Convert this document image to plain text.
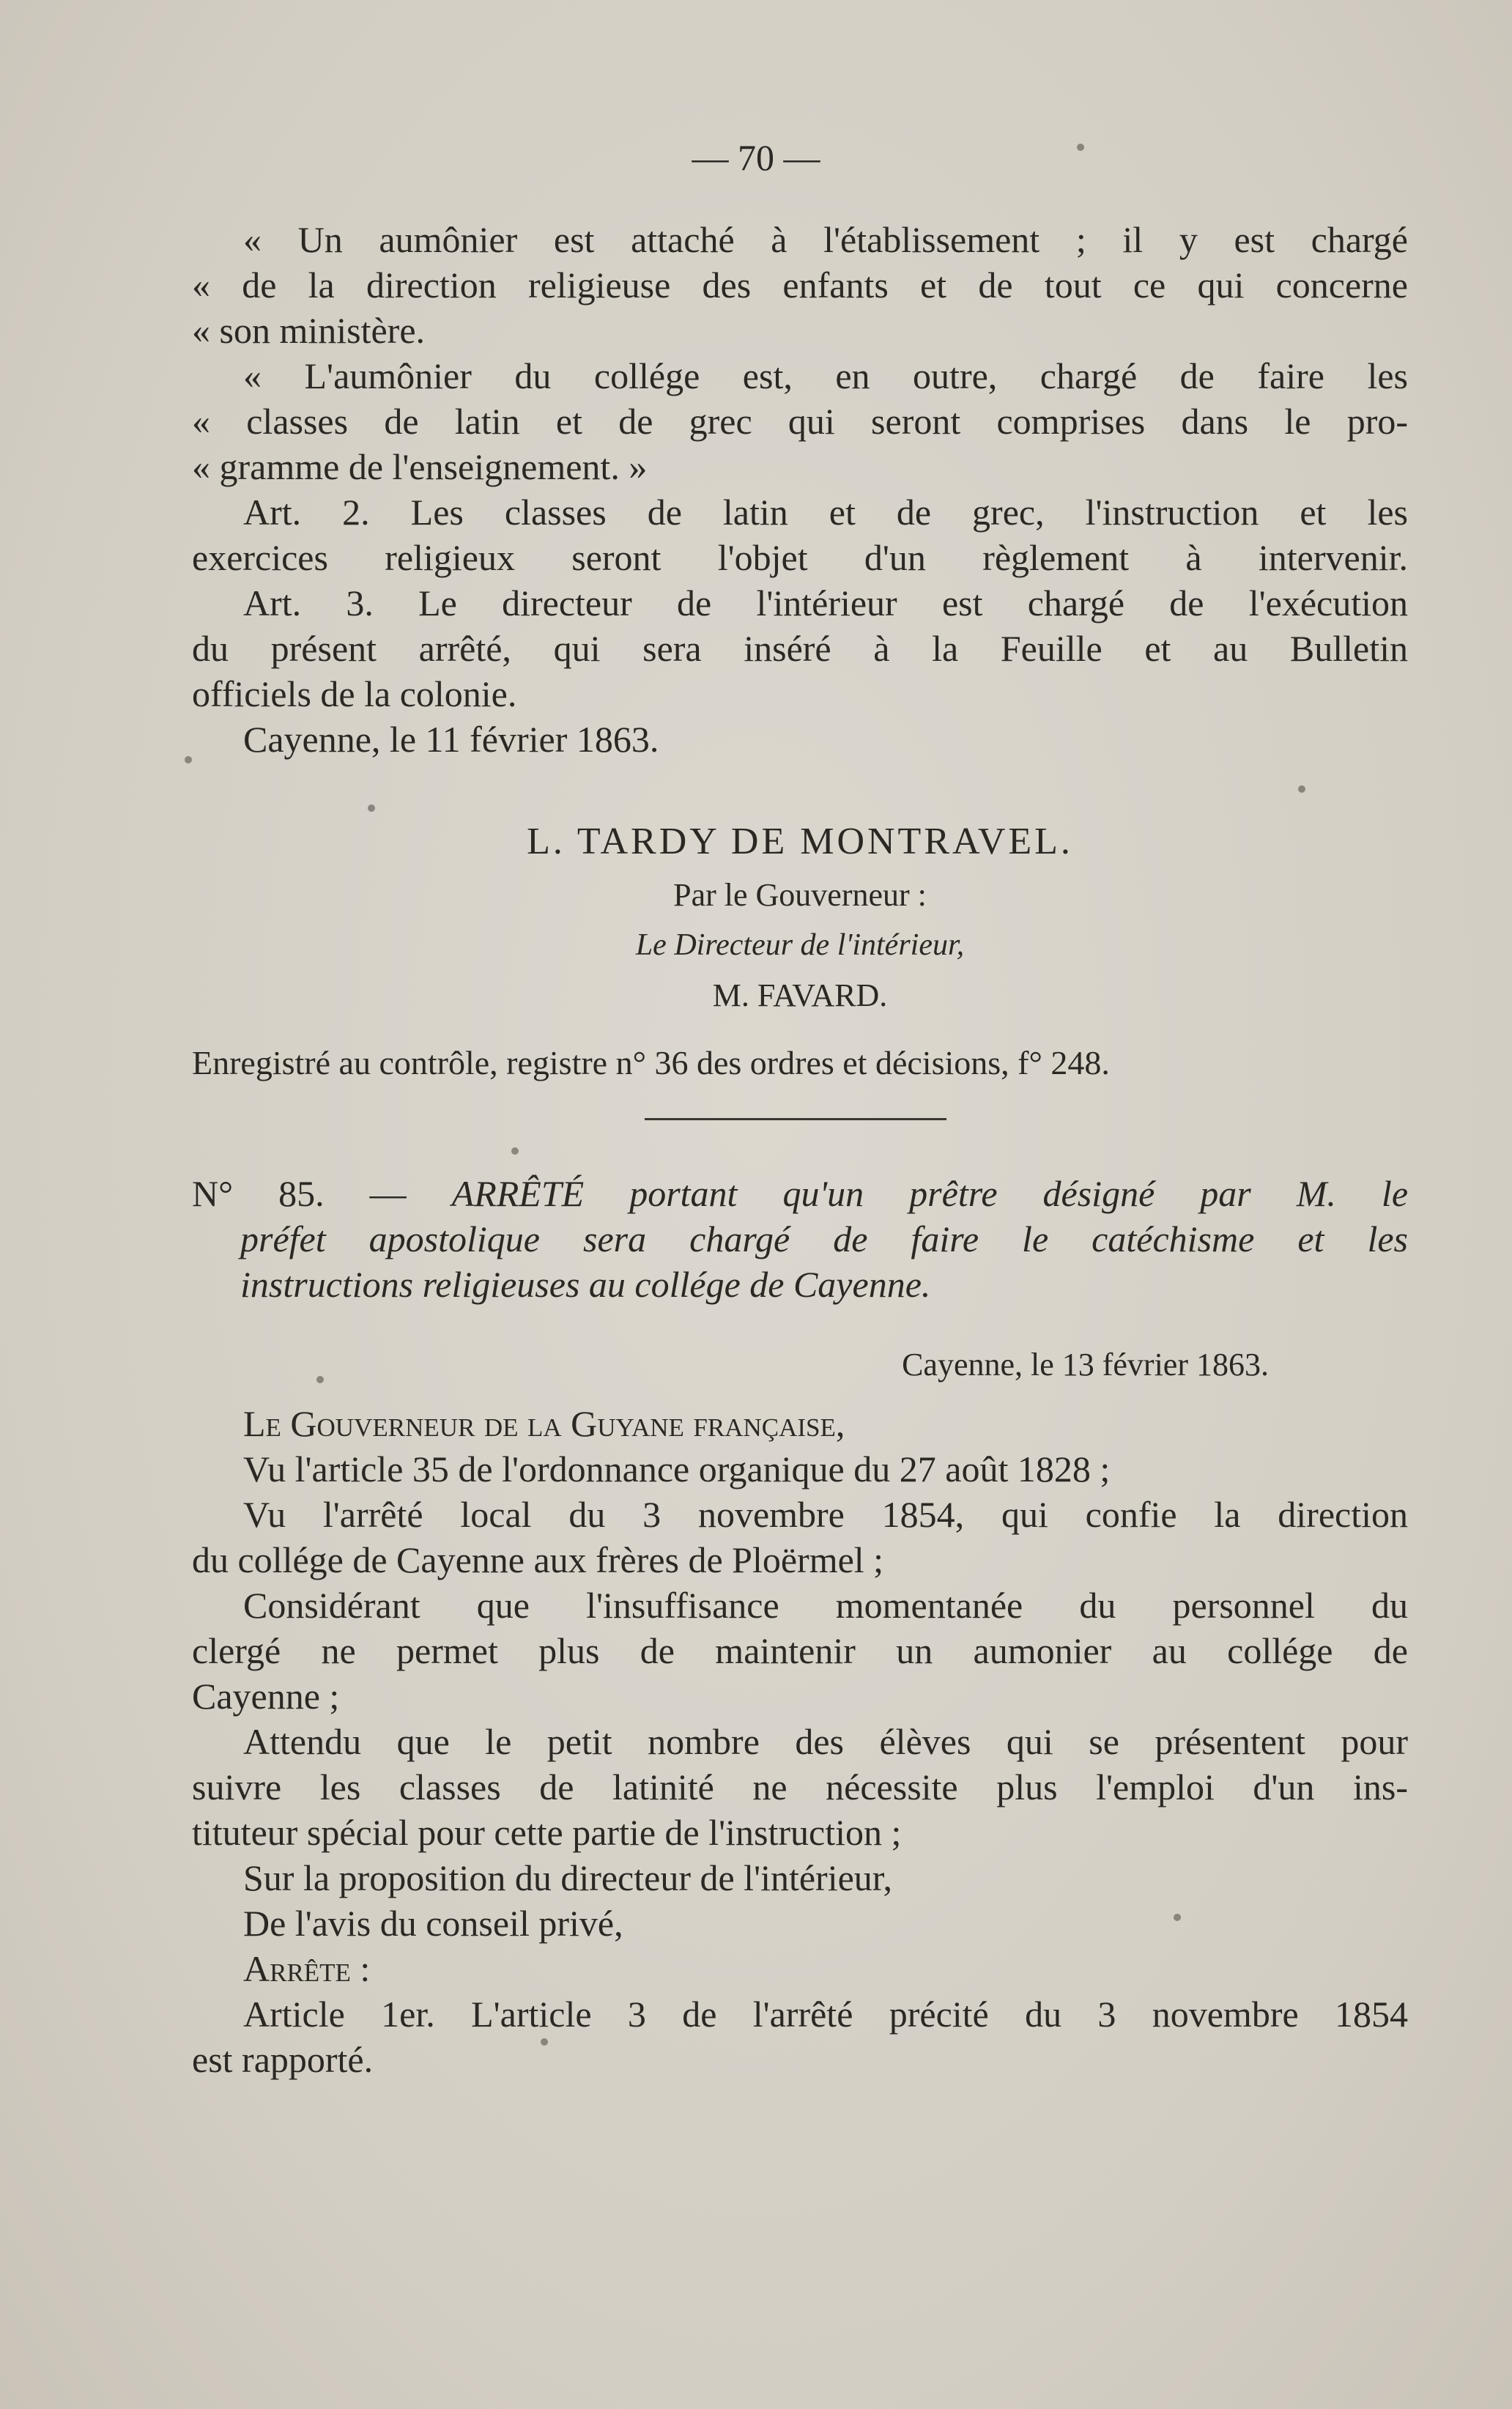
— 70 —
« Un aumônier est attaché à l'établissement ; il y est chargé
« de la direction religieuse des enfants et de tout ce qui concerne
« son ministère.
« L'aumônier du collége est, en outre, chargé de faire les
« classes de latin et de grec qui seront comprises dans le pro-
« gramme de l'enseignement. »
Art. 2. Les classes de latin et de grec, l'instruction et les
exercices religieux seront l'objet d'un règlement à intervenir.
Art. 3. Le directeur de l'intérieur est chargé de l'exécution
du présent arrêté, qui sera inséré à la Feuille et au Bulletin
officiels de la colonie.
Cayenne, le 11 février 1863.
L. TARDY DE MONTRAVEL.
Par le Gouverneur :
Le Directeur de l'intérieur,
M. FAVARD.
Enregistré au contrôle, registre n° 36 des ordres et décisions, f° 248.
N° 85. — ARRÊTÉ portant qu'un prêtre désigné par M. le
préfet apostolique sera chargé de faire le catéchisme et les
instructions religieuses au collége de Cayenne.
Cayenne, le 13 février 1863.
Le Gouverneur de la Guyane française,
Vu l'article 35 de l'ordonnance organique du 27 août 1828 ;
Vu l'arrêté local du 3 novembre 1854, qui confie la direction
du collége de Cayenne aux frères de Ploërmel ;
Considérant que l'insuffisance momentanée du personnel du
clergé ne permet plus de maintenir un aumonier au collége de
Cayenne ;
Attendu que le petit nombre des élèves qui se présentent pour
suivre les classes de latinité ne nécessite plus l'emploi d'un ins-
tituteur spécial pour cette partie de l'instruction ;
Sur la proposition du directeur de l'intérieur,
De l'avis du conseil privé,
Arrête :
Article 1er. L'article 3 de l'arrêté précité du 3 novembre 1854
est rapporté.
